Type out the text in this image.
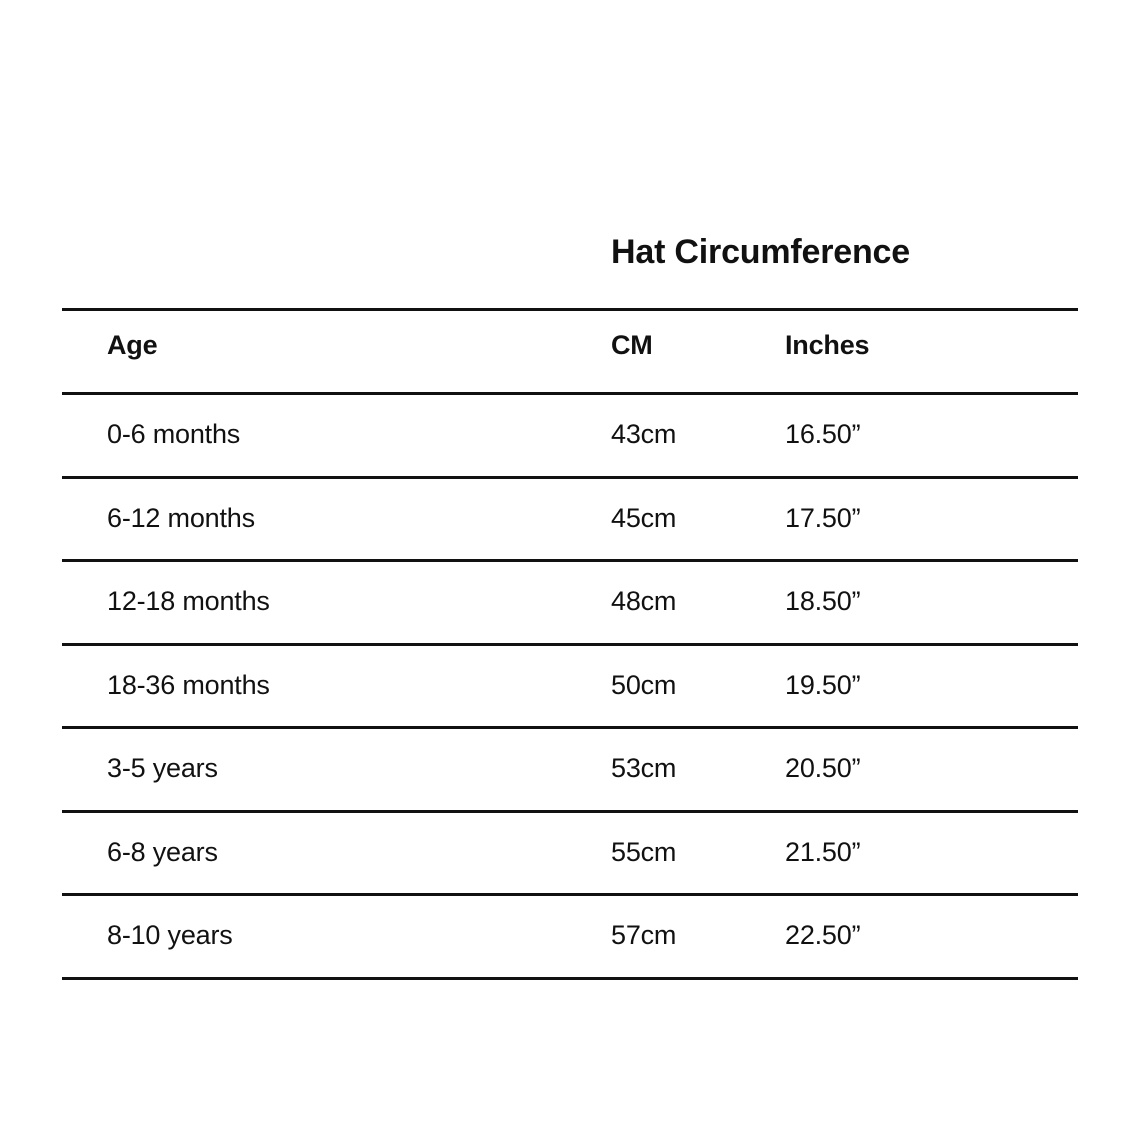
Hat Circumference
Age	CM	Inches
0-6 months	43cm	16.50”
6-12 months	45cm	17.50”
12-18 months	48cm	18.50”
18-36 months	50cm	19.50”
3-5 years	53cm	20.50”
6-8 years	55cm	21.50”
8-10 years	57cm	22.50”
